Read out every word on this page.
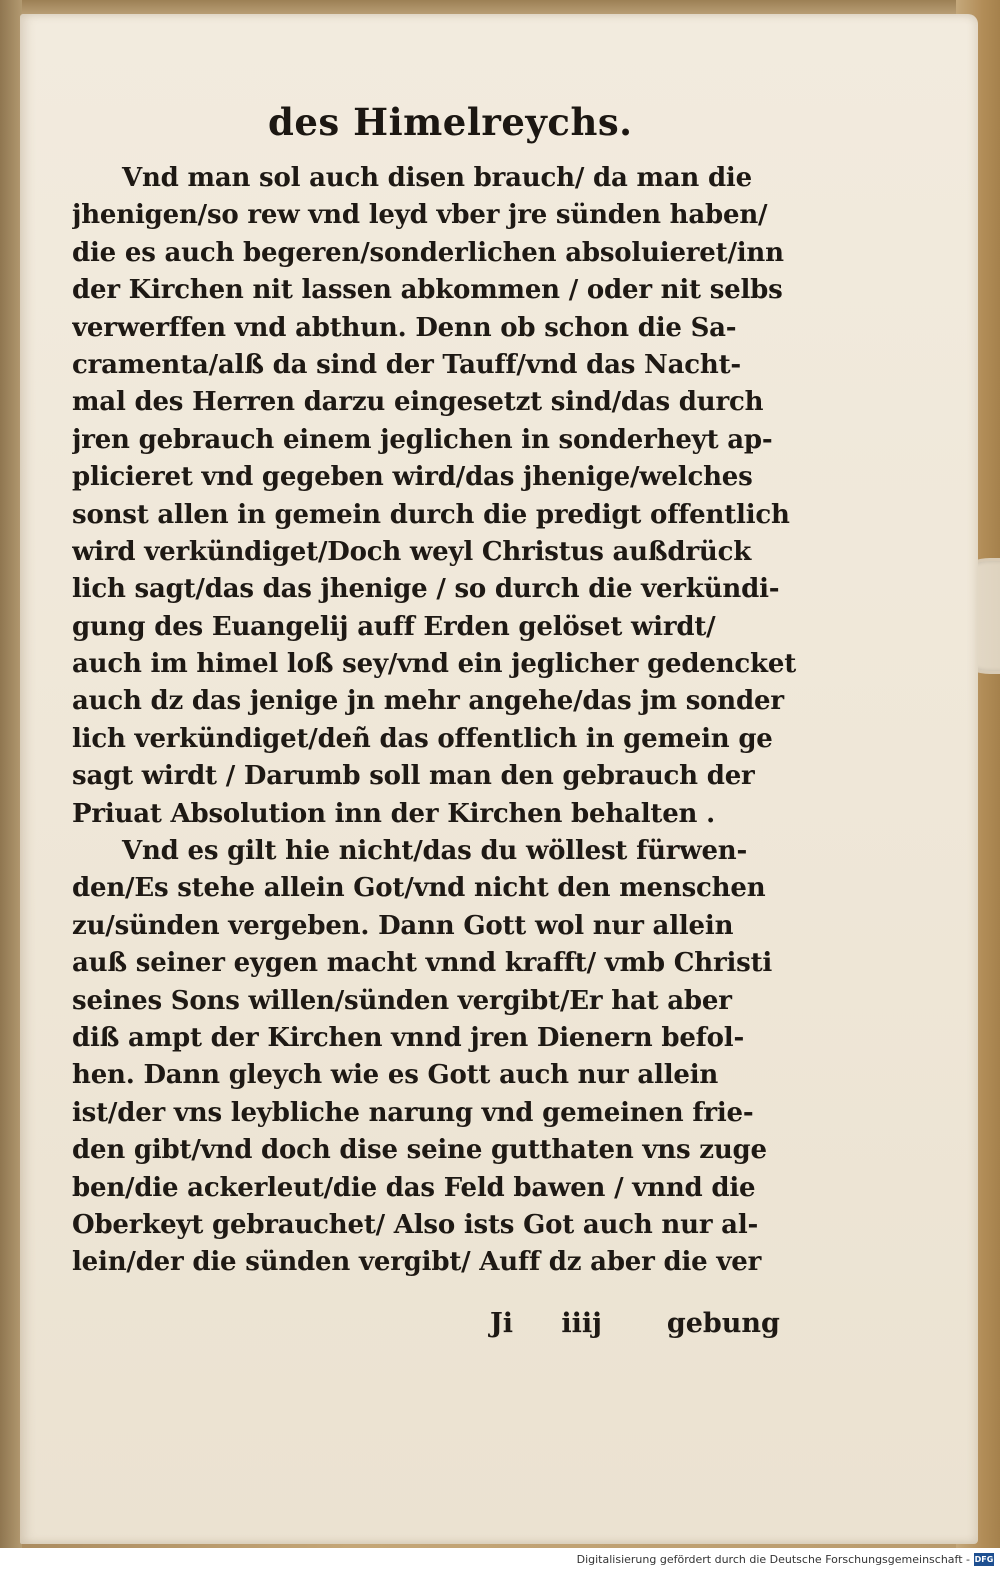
des Himelreychs.
Vnd man sol auch disen brauch/ da man die
jhenigen/so rew vnd leyd vber jre sünden haben/
die es auch begeren/sonderlichen absoluieret/inn
der Kirchen nit lassen abkommen / oder nit selbs
verwerffen vnd abthun. Denn ob schon die Sa-
cramenta/alß da sind der Tauff/vnd das Nacht-
mal des Herren darzu eingesetzt sind/das durch
jren gebrauch einem jeglichen in sonderheyt ap-
plicieret vnd gegeben wird/das jhenige/welches
sonst allen in gemein durch die predigt offentlich
wird verkündiget/Doch weyl Christus außdrück
lich sagt/das das jhenige / so durch die verkündi-
gung des Euangelij auff Erden gelöset wirdt/
auch im himel loß sey/vnd ein jeglicher gedencket
auch dz das jenige jn mehr angehe/das jm sonder
lich verkündiget/deñ das offentlich in gemein ge
sagt wirdt / Darumb soll man den gebrauch der
Priuat Absolution inn der Kirchen behalten .
Vnd es gilt hie nicht/das du wöllest fürwen-
den/Es stehe allein Got/vnd nicht den menschen
zu/sünden vergeben. Dann Gott wol nur allein
auß seiner eygen macht vnnd krafft/ vmb Christi
seines Sons willen/sünden vergibt/Er hat aber
diß ampt der Kirchen vnnd jren Dienern befol-
hen. Dann gleych wie es Gott auch nur allein
ist/der vns leybliche narung vnd gemeinen frie-
den gibt/vnd doch dise seine gutthaten vns zuge
ben/die ackerleut/die das Feld bawen / vnnd die
Oberkeyt gebrauchet/ Also ists Got auch nur al-
lein/der die sünden vergibt/ Auff dz aber die ver
Ji iiij gebung
Digitalisierung gefördert durch die Deutsche Forschungsgemeinschaft - DFG
